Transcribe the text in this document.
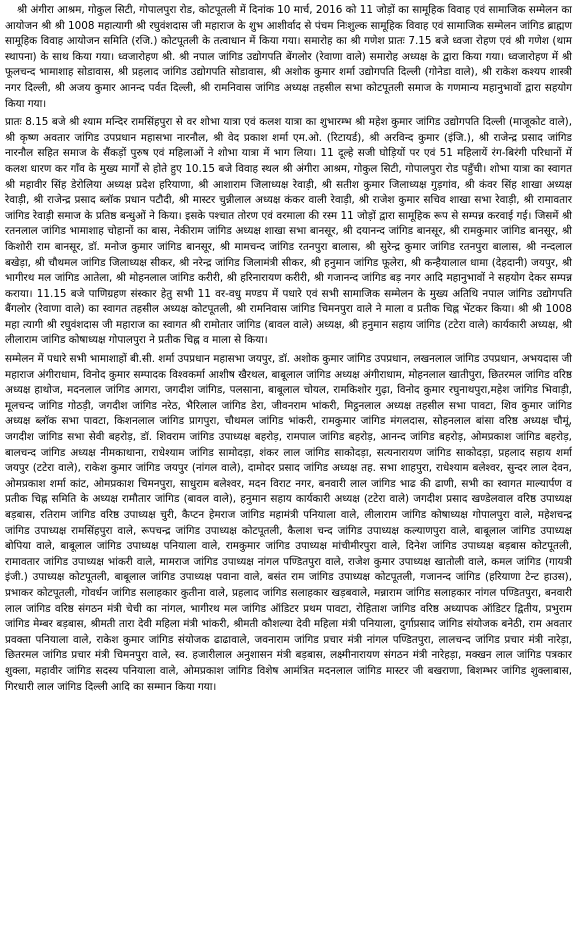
श्री अंगीरा आश्रम, गोकुल सिटी, गोपालपुरा रोड, कोटपूतली में दिनांक 10 मार्च, 2016 को 11 जोड़ों का सामूहिक विवाह एवं सामाजिक सम्मेलन का आयोजन श्री श्री 1008 महात्यागी श्री रघुवंशदास जी महाराज के शुभ आशीर्वाद से पंचम निःशुल्क सामूहिक विवाह एवं सामाजिक सम्मेलन जांगिड ब्राह्मण सामूहिक विवाह आयोजन समिति (रजि.) कोटपूतली के तत्वाधान में किया गया। समारोह का श्री गणेश प्रातः 7.15 बजे ध्वजा रोहण एवं श्री गणेश (थाम स्थापना) के साथ किया गया। ध्वजारोहण श्री. श्री नपाल जांगिड उद्योगपति बेंगलोर (रेवाणा वाले) समारोह अध्यक्ष के द्वारा किया गया। ध्वजारोहण में श्री फूलचन्द भामाशाह सोडावास, श्री प्रहलाद जांगिड उद्योगपति सोडावास, श्री अशोक कुमार शर्मा उद्योगपति दिल्ली (गोनेडा वाले), श्री राकेश कश्यप शास्त्री नगर दिल्ली, श्री अजय कुमार आनन्द पर्वत दिल्ली, श्री रामनिवास जांगिड अध्यक्ष तहसील सभा कोटपूतली समाज के गणमान्य महानुभावों द्वारा सहयोग किया गया।

प्रातः 8.15 बजे श्री श्याम मन्दिर रामसिंहपुरा से वर शोभा यात्रा एवं कलश यात्रा का शुभारम्भ श्री महेश कुमार जांगिड उद्योगपति दिल्ली (माजूकोट वाले), श्री कृष्ण अवतार जांगिड उपप्रधान महासभा नारनौल, श्री वेद प्रकाश शर्मा एम.ओ. (रिटायर्ड), श्री अरविन्द कुमार (इंजि.), श्री राजेन्द्र प्रसाद जांगिड नारनौल सहित समाज के सैंकड़ों पुरुष एवं महिलाओं ने शोभा यात्रा में भाग लिया। 11 दूल्हे सजी घोड़ियों पर एवं 51 महिलायें रंग-बिरंगी परिधानों में कलश धारण कर गाँव के मुख्य मार्गों से होते हुए 10.15 बजे विवाह स्थल श्री अंगीरा आश्रम, गोकुल सिटी, गोपालपुरा रोड पहुँची। शोभा यात्रा का स्वागत श्री महावीर सिंह डेरोलिया अध्यक्ष प्रदेश हरियाणा, श्री आशाराम जिलाध्यक्ष रेवाड़ी, श्री सतीश कुमार जिलाध्यक्ष गुड़गांव, श्री कंवर सिंह शाखा अध्यक्ष रेवाड़ी, श्री राजेन्द्र प्रसाद ब्लॉक प्रधान पटौदी, श्री मास्टर चुन्नीलाल अध्यक्ष कंकर वाली रेवाड़ी, श्री राजेश कुमार सचिव शाखा सभा रेवाड़ी, श्री रामावतार जांगिड रेवाड़ी समाज के प्रतिष्ठ बन्धुओं ने किया। इसके पश्चात तोरण एवं वरमाला की रस्म 11 जोड़ों द्वारा सामूहिक रूप से सम्पन्न करवाई गई। जिसमें श्री रतनलाल जांगिड भामाशाह चोहानों का बास, नेकीराम जांगिड अध्यक्ष शाखा सभा बानसूर, श्री दयानन्द जांगिड बानसूर, श्री रामकुमार जांगिड बानसूर, श्री किशोरी राम बानसूर, डॉ. मनोज कुमार जांगिड बानसूर, श्री मामचन्द जांगिड रतनपुरा बालास, श्री सुरेन्द्र कुमार जांगिड रतनपुरा बालास, श्री नन्दलाल बखेड़ा, श्री चौथमल जांगिड जिलाध्यक्ष सीकर, श्री नरेन्द्र जांगिड जिलामंत्री सीकर, श्री हनुमान जांगिड फूलेरा, श्री कन्हैयालाल धामा (देहदानी) जयपुर, श्री भागीरथ मल जांगिड आतेला, श्री मोहनलाल जांगिड करीरी, श्री हरिनारायण करीरी, श्री गजानन्द जांगिड बड़ नगर आदि महानुभावों ने सहयोग देकर सम्पन्न कराया। 11.15 बजे पाणिग्रहण संस्कार हेतु सभी 11 वर-वधु मण्डप में पधारे एवं सभी सामाजिक सम्मेलन के मुख्य अतिथि नपाल जांगिड उद्योगपति बैंगलोर (रेवाणा वाले) का स्वागत तहसील अध्यक्ष कोटपूतली, श्री रामनिवास जांगिड चिमनपुरा वाले ने माला व प्रतीक चिह्न भेंटकर किया। श्री श्री 1008 महा त्यागी श्री रघुवंशदास जी महाराज का स्वागत श्री रामोतार जांगिड (बावल वाले) अध्यक्ष, श्री हनुमान सहाय जांगिड (टटेरा वाले) कार्यकारी अध्यक्ष, श्री लीलाराम जांगिड कोषाध्यक्ष गोपालपुरा ने प्रतीक चिह्न व माला से किया।

सम्मेलन में पधारे सभी भामाशाहों बी.सी. शर्मा उपप्रधान महासभा जयपुर, डॉ. अशोक कुमार जांगिड उपप्रधान, लखनलाल जांगिड उपप्रधान, अभयदास जी महाराज अंगीराधाम, विनोद कुमार सम्पादक विश्वकर्मा आशीष खैरथल, बाबूलाल जांगिड अध्यक्ष अंगीराधाम, मोहनलाल खातीपुरा, छितरमल जांगिड वरिष्ठ अध्यक्ष हाथोज, मदनलाल जांगिड आगरा, जगदीश जांगिड, पलसाना, बाबूलाल चोयल, रामकिशोर गुढ़ा, विनोद कुमार रघुनाथपुरा,महेश जांगिड भिवाड़ी, मूलचन्द जांगिड गोठड़ी, जगदीश जांगिड नरेठ, भैरिलाल जांगिड डेरा, जीवनराम भांकरी, मिट्ठनलाल अध्यक्ष तहसील सभा पावटा, शिव कुमार जांगिड अध्यक्ष ब्लॉक सभा पावटा, किशनलाल जांगिड प्रागपुरा, चौथमल जांगिड भांकरी, रामकुमार जांगिड मंगलदास, सोहनलाल बांसा वरिष्ठ अध्यक्ष चौमूं, जगदीश जांगिड सभा सेवी बहरोड़, डॉ. शिवराम जांगिड उपाध्यक्ष बहरोड़, रामपाल जांगिड बहरोड़, आनन्द जांगिड बहरोड़, ओमप्रकाश जांगिड बहरोड़, बालचन्द जांगिड अध्यक्ष नीमकाथाना, राधेश्याम जांगिड सामोदड़ा, शंकर लाल जांगिड साकोदड़ा, सत्यनारायण जांगिड साकोदड़ा, प्रहलाद सहाय शर्मा जयपुर (टटेरा वाले), राकेश कुमार जांगिड जयपुर (नांगल वाले), दामोदर प्रसाद जांगिड अध्यक्ष तह. सभा शाहपुरा, राधेश्याम बलेश्वर, सुन्दर लाल देवन, ओमप्रकाश शर्मा कांट, ओमप्रकाश चिमनपुरा, साधुराम बलेश्वर, मदन विराट नगर, बनवारी लाल जांगिड भाढ की ढाणी, सभी का स्वागत माल्यार्पण व प्रतीक चिह्न समिति के अध्यक्ष रामौतार जांगिड (बावल वाले), हनुमान सहाय कार्यकारी अध्यक्ष (टटेरा वाले) जगदीश प्रसाद खण्डेलवाल वरिष्ठ उपाध्यक्ष बड़बास, रतिराम जांगिड वरिष्ठ उपाध्यक्ष चुरी, कैप्टन हेमराज जांगिड महामंत्री पनियाला वाले, लीलाराम जांगिड कोषाध्यक्ष गोपालपुरा वाले, महेशचन्द्र जांगिड उपाध्यक्ष रामसिंहपुरा वाले, रूपचन्द्र जांगिड उपाध्यक्ष कोटपूतली, कैलाश चन्द जांगिड उपाध्यक्ष कल्याणपुरा वाले, बाबूलाल जांगिड उपाध्यक्ष बोपिया वाले, बाबूलाल जांगिड उपाध्यक्ष पनियाला वाले, रामकुमार जांगिड उपाध्यक्ष मांचीमीरपुरा वाले, दिनेश जांगिड उपाध्यक्ष बड़बास कोटपूतली, रामावतार जांगिड उपाध्यक्ष भांकरी वाले, मामराज जांगिड उपाध्यक्ष नांगल पण्डितपुरा वाले, राजेश कुमार उपाध्यक्ष खातोली वाले, कमल जांगिड (गायत्री इंजी.) उपाध्यक्ष कोटपूतली, बाबूलाल जांगिड उपाध्यक्ष पवाना वाले, बसंत राम जांगिड उपाध्यक्ष कोटपूतली, गजानन्द जांगिड (हरियाणा टेन्ट हाउस), प्रभाकर कोटपूतली, गोवर्धन जांगिड सलाहकार कुतीना वाले, प्रहलाद जांगिड सलाहकार खड़बवाले, मन्नाराम जांगिड सलाहकार नांगल पण्डितपुरा, बनवारी लाल जांगिड वरिष्ठ संगठन मंत्री चेची का नांगल, भागीरथ मल जांगिड ऑडिटर प्रथम पावटा, रोहिताश जांगिड वरिष्ठ अध्यापक ऑडिटर द्वितीय, प्रभुराम जांगिड मेम्बर बड़बास, श्रीमती तारा देवी महिला मंत्री भांकरी, श्रीमती कौशल्या देवी महिला मंत्री पनियाला, दुर्गाप्रसाद जांगिड संयोजक बनेठी, राम अवतार प्रवक्ता पनियाला वाले, राकेश कुमार जांगिड संयोजक ढाढावाले, जवनाराम जांगिड प्रचार मंत्री नांगल पण्डितपुरा, लालचन्द जांगिड प्रचार मंत्री नारेड़ा, छितरमल जांगिड प्रचार मंत्री चिमनपुरा वाले, स्व. हजारीलाल अनुशासन मंत्री बड़बास, लक्ष्मीनारायण संगठन मंत्री नारेहड़ा, मक्खन लाल जांगिड पत्रकार शुक्ला, महावीर जांगिड सदस्य पनियाला वाले, ओमप्रकाश जांगिड विशेष आमंत्रित मदनलाल जांगिड मास्टर जी बखराणा, बिशम्भर जांगिड शुक्लाबास, गिरधारी लाल जांगिड दिल्ली आदि का सम्मान किया गया।
